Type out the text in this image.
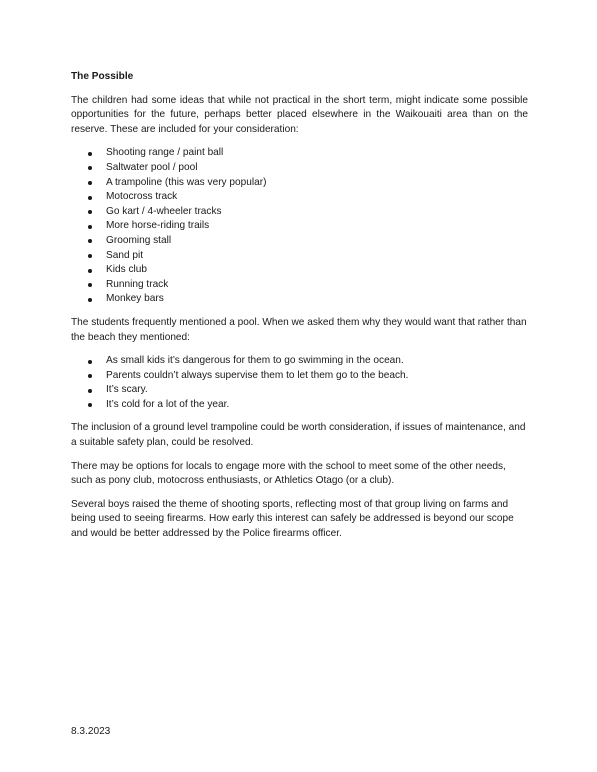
The Possible

The children had some ideas that while not practical in the short term, might indicate some possible opportunities for the future, perhaps better placed elsewhere in the Waikouaiti area than on the reserve. These are included for your consideration:

Shooting range / paint ball
Saltwater pool / pool
A trampoline (this was very popular)
Motocross track
Go kart / 4-wheeler tracks
More horse-riding trails
Grooming stall
Sand pit
Kids club
Running track
Monkey bars

The students frequently mentioned a pool. When we asked them why they would want that rather than the beach they mentioned:

As small kids it’s dangerous for them to go swimming in the ocean.
Parents couldn’t always supervise them to let them go to the beach.
It’s scary.
It’s cold for a lot of the year.

The inclusion of a ground level trampoline could be worth consideration, if issues of maintenance, and a suitable safety plan, could be resolved.

There may be options for locals to engage more with the school to meet some of the other needs, such as pony club, motocross enthusiasts, or Athletics Otago (or a club).

Several boys raised the theme of shooting sports, reflecting most of that group living on farms and being used to seeing firearms. How early this interest can safely be addressed is beyond our scope and would be better addressed by the Police firearms officer.

8.3.2023
